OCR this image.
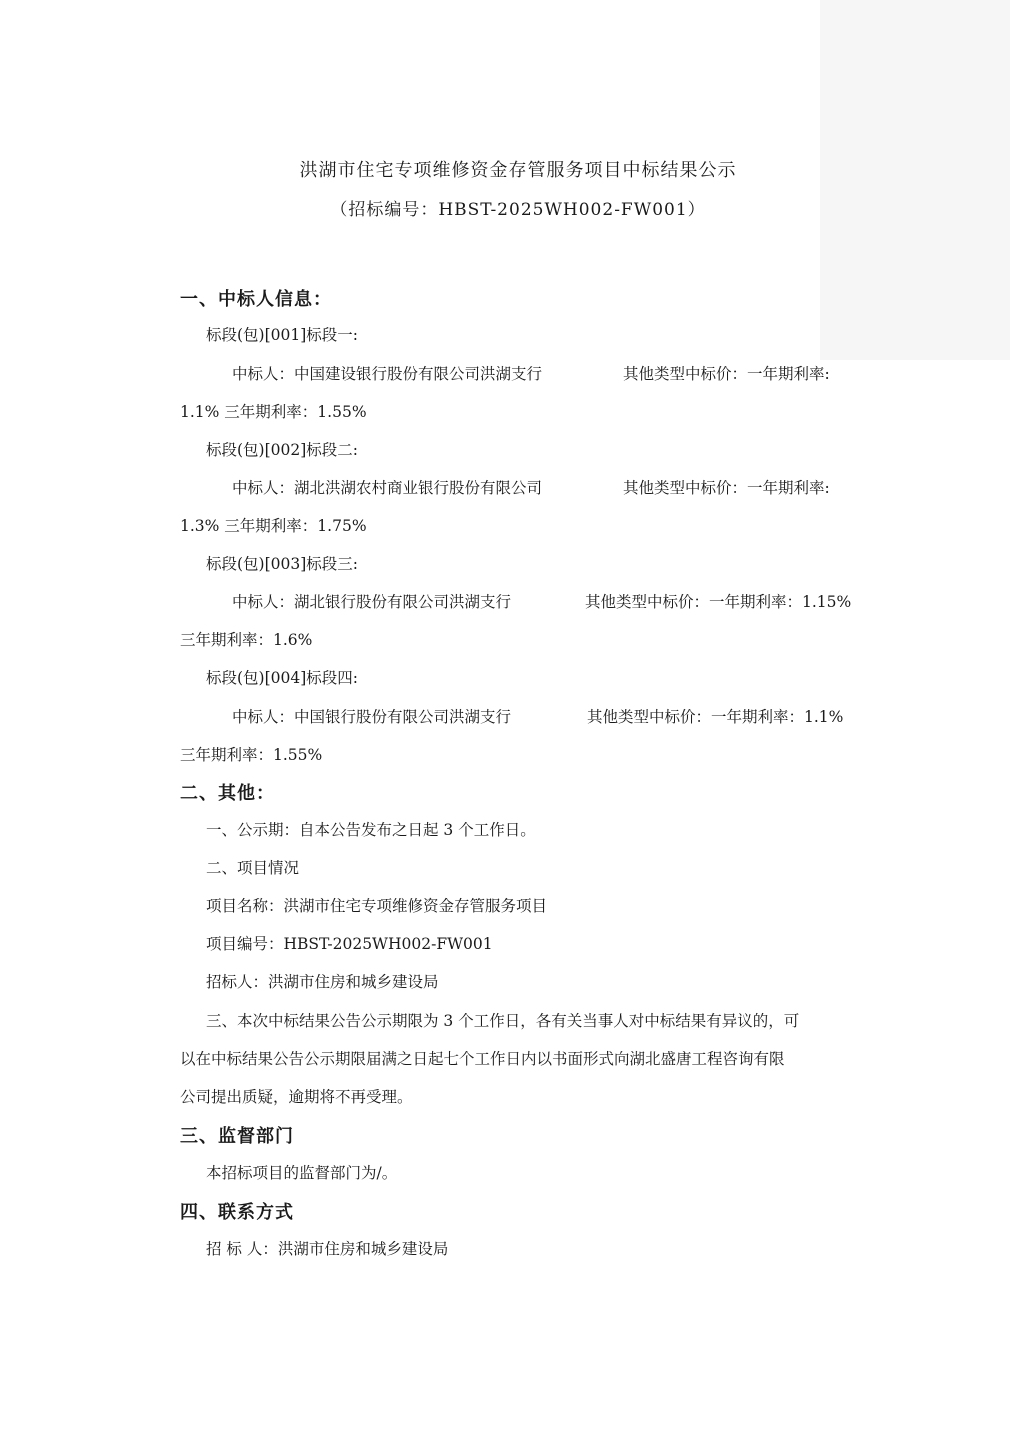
洪湖市住宅专项维修资金存管服务项目中标结果公示
（招标编号：HBST-2025WH002-FW001）
一、中标人信息：
标段(包)[001]标段一:
中标人：中国建设银行股份有限公司洪湖支行	其他类型中标价：一年期利率:
1.1% 三年期利率：1.55%
标段(包)[002]标段二:
中标人：湖北洪湖农村商业银行股份有限公司	其他类型中标价：一年期利率:
1.3% 三年期利率：1.75%
标段(包)[003]标段三:
中标人：湖北银行股份有限公司洪湖支行	其他类型中标价：一年期利率：1.15%
三年期利率：1.6%
标段(包)[004]标段四:
中标人：中国银行股份有限公司洪湖支行	其他类型中标价：一年期利率：1.1%
三年期利率：1.55%
二、其他：
一、公示期：自本公告发布之日起 3 个工作日。
二、项目情况
项目名称：洪湖市住宅专项维修资金存管服务项目
项目编号：HBST-2025WH002-FW001
招标人：洪湖市住房和城乡建设局
三、本次中标结果公告公示期限为 3 个工作日，各有关当事人对中标结果有异议的，可
以在中标结果公告公示期限届满之日起七个工作日内以书面形式向湖北盛唐工程咨询有限
公司提出质疑，逾期将不再受理。
三、监督部门
本招标项目的监督部门为/。
四、联系方式
招 标 人：洪湖市住房和城乡建设局
